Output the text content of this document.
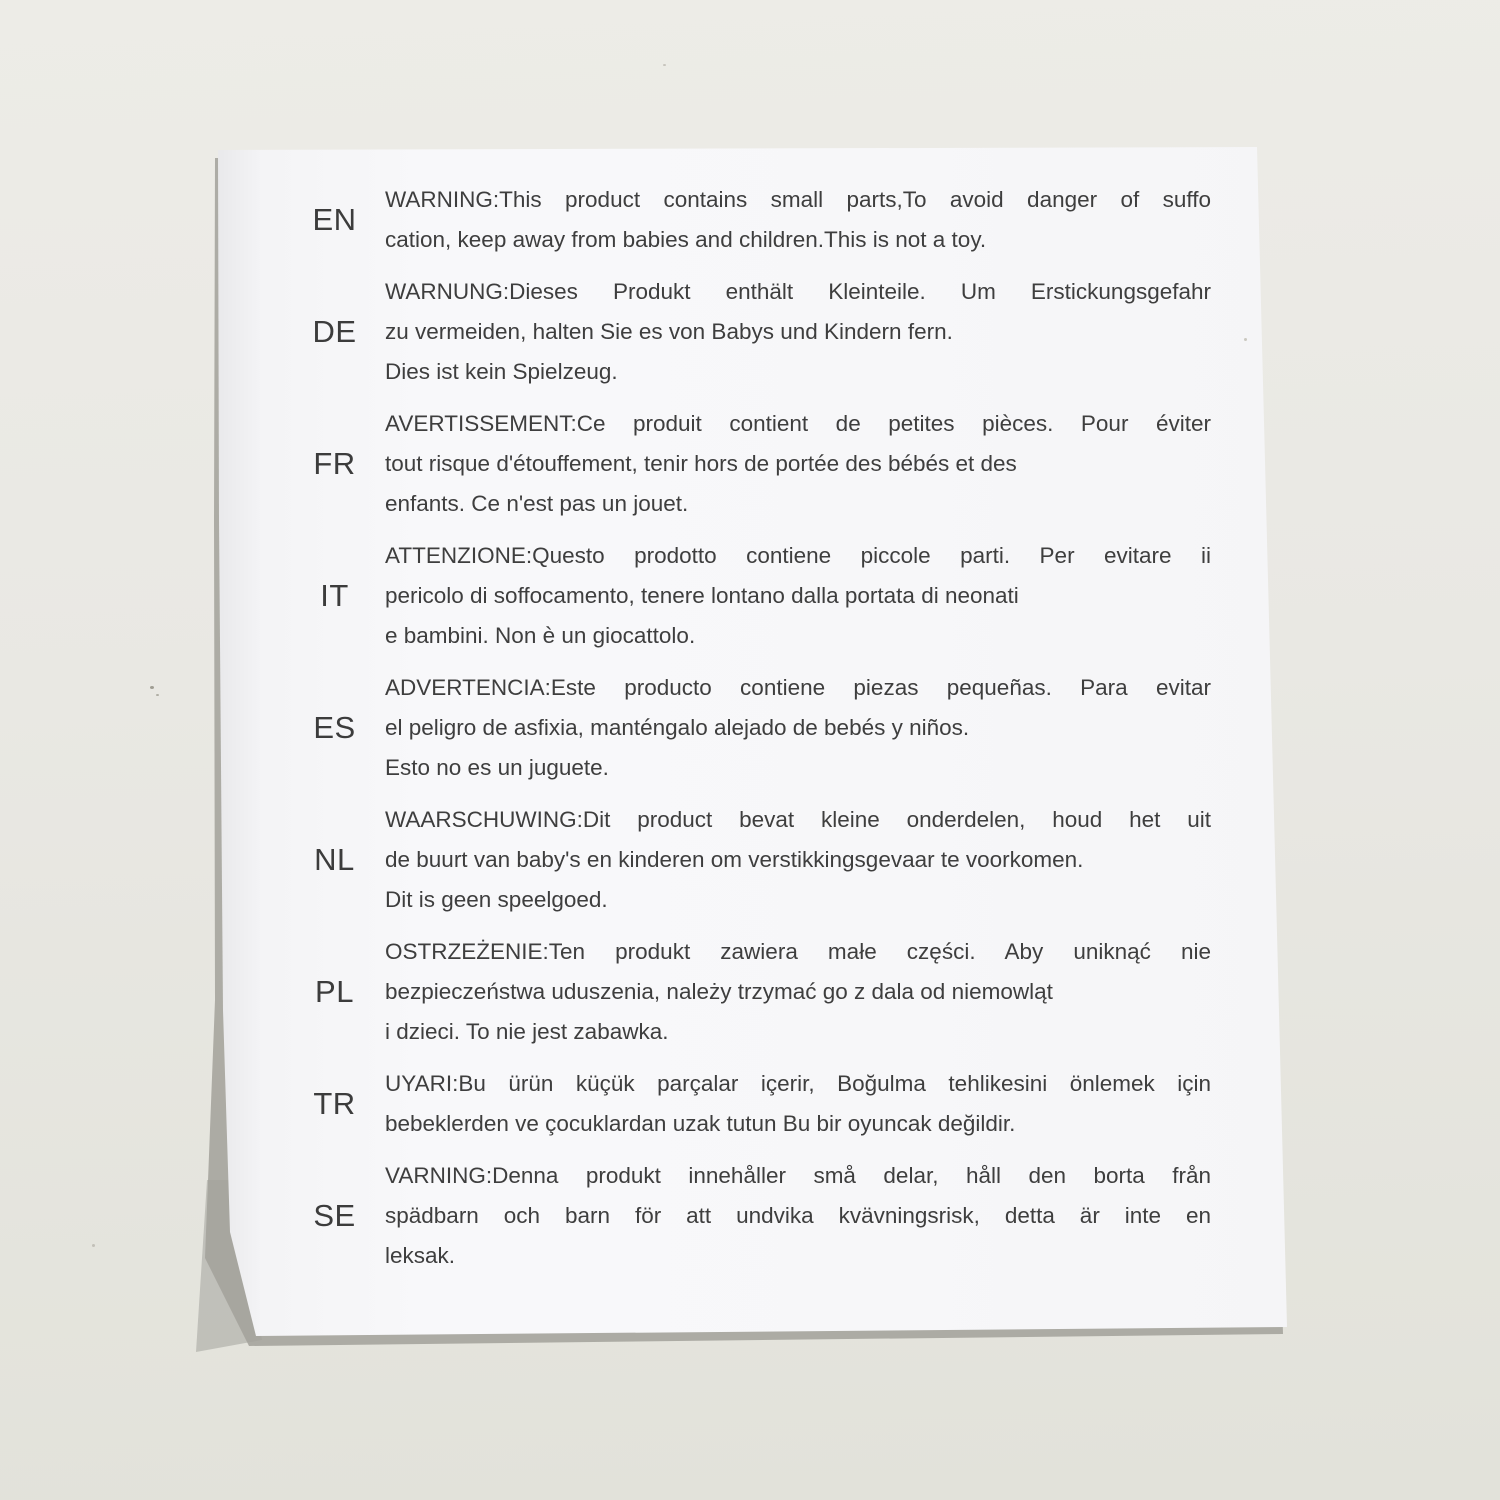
EN
WARNING:This product contains small parts,To avoid danger of suffo
cation, keep away from babies and children.This is not a toy.
DE
WARNUNG:Dieses Produkt enthält Kleinteile. Um Erstickungsgefahr
zu vermeiden, halten Sie es von Babys und Kindern fern.
Dies ist kein Spielzeug.
FR
AVERTISSEMENT:Ce produit contient de petites pièces. Pour éviter
tout risque d'étouffement, tenir hors de portée des bébés et des
enfants. Ce n'est pas un jouet.
IT
ATTENZIONE:Questo prodotto contiene piccole parti. Per evitare ii
pericolo di soffocamento, tenere lontano dalla portata di neonati
e bambini. Non è un giocattolo.
ES
ADVERTENCIA:Este producto contiene piezas pequeñas. Para evitar
el peligro de asfixia, manténgalo alejado de bebés y niños.
Esto no es un juguete.
NL
WAARSCHUWING:Dit product bevat kleine onderdelen, houd het uit
de buurt van baby's en kinderen om verstikkingsgevaar te voorkomen.
Dit is geen speelgoed.
PL
OSTRZEŻENIE:Ten produkt zawiera małe części. Aby uniknąć nie
bezpieczeństwa uduszenia, należy trzymać go z dala od niemowląt
i dzieci. To nie jest zabawka.
TR
UYARI:Bu ürün küçük parçalar içerir, Boğulma tehlikesini önlemek için
bebeklerden ve çocuklardan uzak tutun Bu bir oyuncak değildir.
SE
VARNING:Denna produkt innehåller små delar, håll den borta från
spädbarn och barn för att undvika kvävningsrisk, detta är inte en
leksak.
